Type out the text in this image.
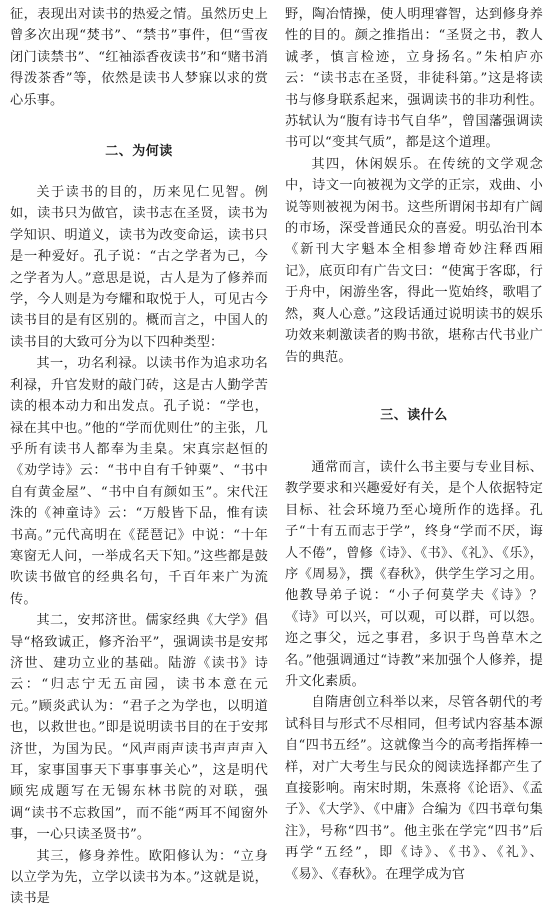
征，表现出对读书的热爱之情。虽然历史上曾多次出现“焚书”、“禁书”事件，但“雪夜闭门读禁书”、“红袖添香夜读书”和“赌书消得泼茶香”等，依然是读书人梦寐以求的赏心乐事。

二、为何读

关于读书的目的，历来见仁见智。例如，读书只为做官，读书志在圣贤，读书为学知识、明道义，读书为改变命运，读书只是一种爱好。孔子说：“古之学者为己，今之学者为人。”意思是说，古人是为了修养而学，今人则是为夸耀和取悦于人，可见古今读书目的是有区别的。概而言之，中国人的读书目的大致可分为以下四种类型：

其一，功名利禄。以读书作为追求功名利禄，升官发财的敲门砖，这是古人勤学苦读的根本动力和出发点。孔子说：“学也，禄在其中也。”他的“学而优则仕”的主张，几乎所有读书人都奉为圭臬。宋真宗赵恒的《劝学诗》云：“书中自有千钟粟”、“书中自有黄金屋”、“书中自有颜如玉”。宋代汪洙的《神童诗》云：“万般皆下品，惟有读书高。”元代高明在《琵琶记》中说：“十年寒窗无人问，一举成名天下知。”这些都是鼓吹读书做官的经典名句，千百年来广为流传。

其二，安邦济世。儒家经典《大学》倡导“格致诚正，修齐治平”，强调读书是安邦济世、建功立业的基础。陆游《读书》诗云：“归志宁无五亩园，读书本意在元元。”顾炎武认为：“君子之为学也，以明道也，以救世也。”即是说明读书目的在于安邦济世，为国为民。“风声雨声读书声声声入耳，家事国事天下事事事关心”，这是明代顾宪成题写在无锡东林书院的对联，强调“读书不忘救国”，而不能“两耳不闻窗外事，一心只读圣贤书”。

其三，修身养性。欧阳修认为：“立身以立学为先，立学以读书为本。”这就是说，读书是

野，陶冶情操，使人明理睿智，达到修身养性的目的。颜之推指出：“圣贤之书，教人诚孝，慎言检迹，立身扬名。”朱柏庐亦云：“读书志在圣贤，非徒科第。”这是将读书与修身联系起来，强调读书的非功利性。苏轼认为“腹有诗书气自华”，曾国藩强调读书可以“变其气质”，都是这个道理。

其四，休闲娱乐。在传统的文学观念中，诗文一向被视为文学的正宗，戏曲、小说等则被视为闲书。这些所谓闲书却有广阔的市场，深受普通民众的喜爱。明弘治刊本《新刊大字魁本全相参增奇妙注释西厢记》，底页印有广告文曰：“使寓于客邸，行于舟中，闲游坐客，得此一览始终，歌唱了然，爽人心意。”这段话通过说明读书的娱乐功效来刺激读者的购书欲，堪称古代书业广告的典范。

三、读什么

通常而言，读什么书主要与专业目标、教学要求和兴趣爱好有关，是个人依据特定目标、社会环境乃至心境所作的选择。孔子“十有五而志于学”，终身“学而不厌，诲人不倦”，曾修《诗》、《书》、《礼》、《乐》，序《周易》，撰《春秋》，供学生学习之用。他教导弟子说：“小子何莫学夫《诗》？《诗》可以兴，可以观，可以群，可以怨。迩之事父，远之事君，多识于鸟兽草木之名。”他强调通过“诗教”来加强个人修养，提升文化素质。

自隋唐创立科举以来，尽管各朝代的考试科目与形式不尽相同，但考试内容基本源自“四书五经”。这就像当今的高考指挥棒一样，对广大考生与民众的阅读选择都产生了直接影响。南宋时期，朱熹将《论语》、《孟子》、《大学》、《中庸》合编为《四书章句集注》，号称“四书”。他主张在学完“四书”后再学“五经”，即《诗》、《书》、《礼》、《易》、《春秋》。在理学成为官
